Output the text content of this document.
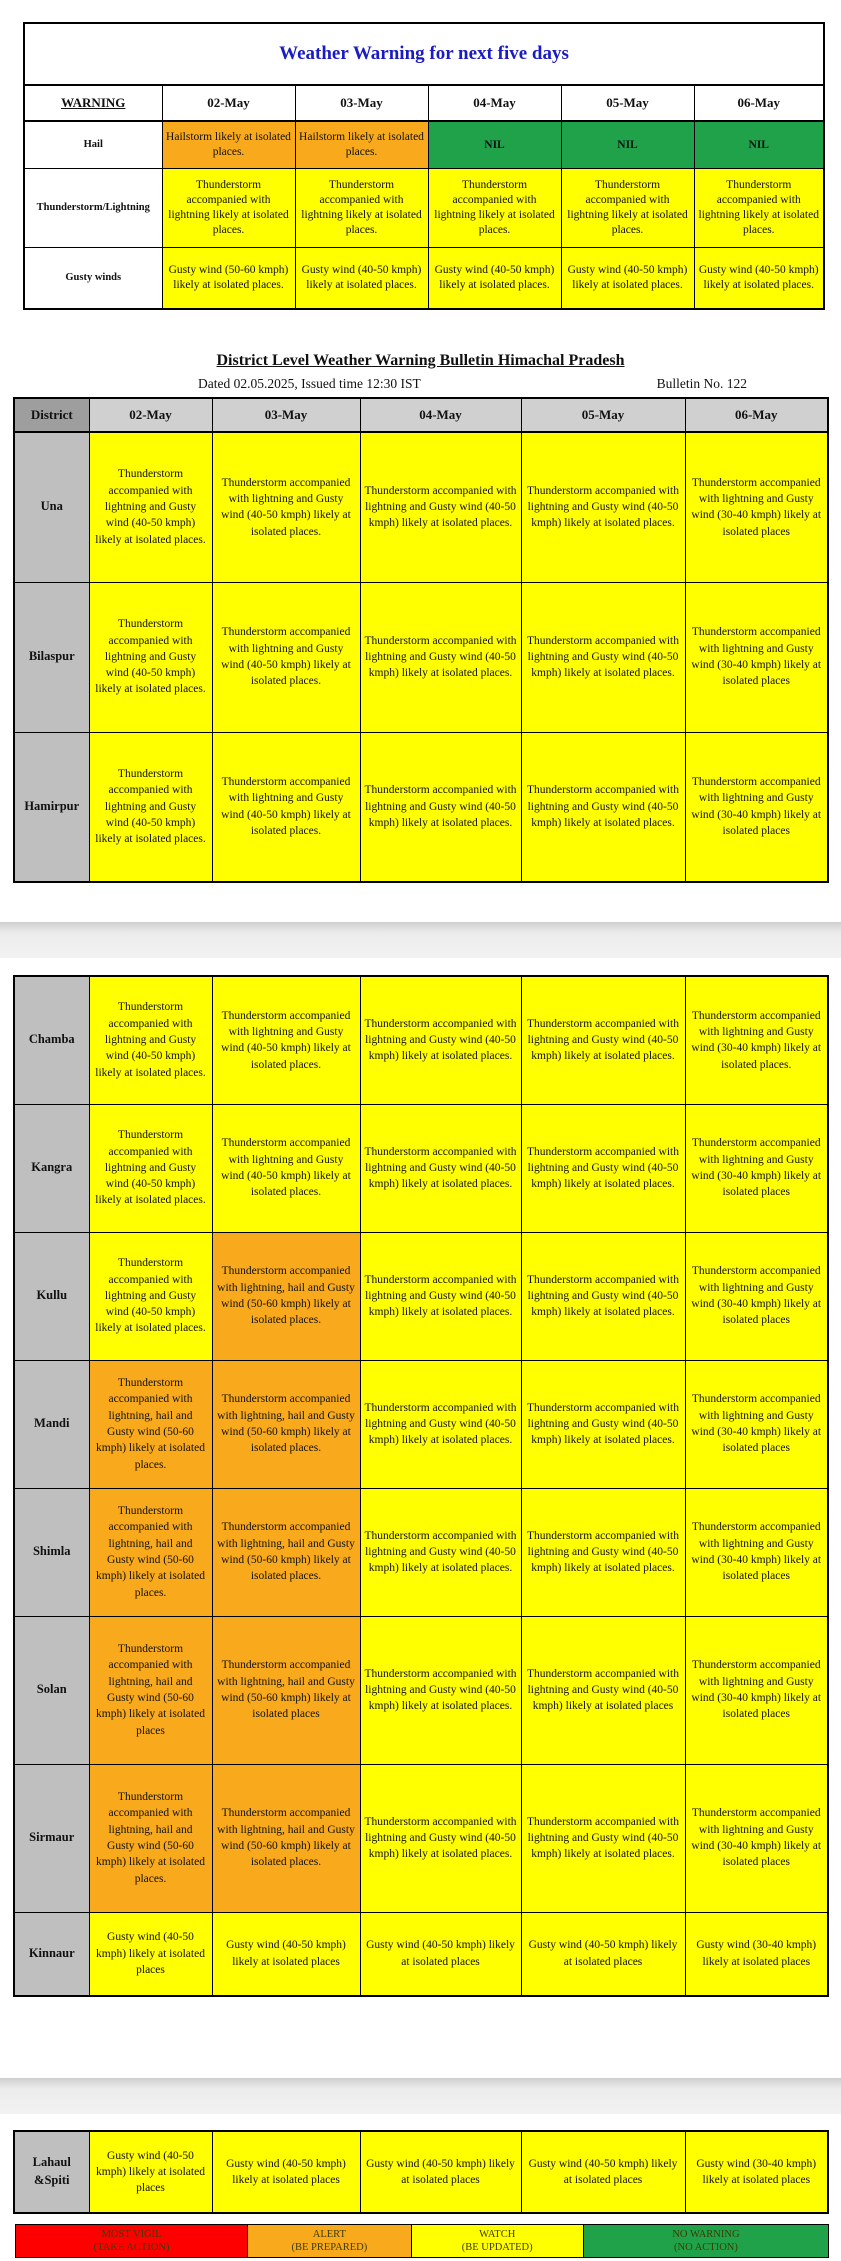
Weather Warning for next five days					
WARNING	02-May	03-May	04-May	05-May	06-May
Hail	Hailstorm likely at isolated places.	Hailstorm likely at isolated places.	NIL	NIL	NIL
Thunderstorm/Lightning	Thunderstorm accompanied with lightning likely at isolated places.	Thunderstorm accompanied with lightning likely at isolated places.	Thunderstorm accompanied with lightning likely at isolated places.	Thunderstorm accompanied with lightning likely at isolated places.	Thunderstorm accompanied with lightning likely at isolated places.
Gusty winds	Gusty wind (50-60 kmph) likely at isolated places.	Gusty wind (40-50 kmph) likely at isolated places.	Gusty wind (40-50 kmph) likely at isolated places.	Gusty wind (40-50 kmph) likely at isolated places.	Gusty wind (40-50 kmph) likely at isolated places.
District Level Weather Warning Bulletin Himachal Pradesh
Dated 02.05.2025, Issued time 12:30 IST	Bulletin No. 122
District	02-May	03-May	04-May	05-May	06-May
Una	Thunderstorm accompanied with lightning and Gusty wind (40-50 kmph) likely at isolated places.	Thunderstorm accompanied with lightning and Gusty wind (40-50 kmph) likely at isolated places.	Thunderstorm accompanied with lightning and Gusty wind (40-50 kmph) likely at isolated places.	Thunderstorm accompanied with lightning and Gusty wind (40-50 kmph) likely at isolated places.	Thunderstorm accompanied with lightning and Gusty wind (30-40 kmph) likely at isolated places
Bilaspur	Thunderstorm accompanied with lightning and Gusty wind (40-50 kmph) likely at isolated places.	Thunderstorm accompanied with lightning and Gusty wind (40-50 kmph) likely at isolated places.	Thunderstorm accompanied with lightning and Gusty wind (40-50 kmph) likely at isolated places.	Thunderstorm accompanied with lightning and Gusty wind (40-50 kmph) likely at isolated places.	Thunderstorm accompanied with lightning and Gusty wind (30-40 kmph) likely at isolated places
Hamirpur	Thunderstorm accompanied with lightning and Gusty wind (40-50 kmph) likely at isolated places.	Thunderstorm accompanied with lightning and Gusty wind (40-50 kmph) likely at isolated places.	Thunderstorm accompanied with lightning and Gusty wind (40-50 kmph) likely at isolated places.	Thunderstorm accompanied with lightning and Gusty wind (40-50 kmph) likely at isolated places.	Thunderstorm accompanied with lightning and Gusty wind (30-40 kmph) likely at isolated places
Chamba	Thunderstorm accompanied with lightning and Gusty wind (40-50 kmph) likely at isolated places.	Thunderstorm accompanied with lightning and Gusty wind (40-50 kmph) likely at isolated places.	Thunderstorm accompanied with lightning and Gusty wind (40-50 kmph) likely at isolated places.	Thunderstorm accompanied with lightning and Gusty wind (40-50 kmph) likely at isolated places.	Thunderstorm accompanied with lightning and Gusty wind (30-40 kmph) likely at isolated places.
Kangra	Thunderstorm accompanied with lightning and Gusty wind (40-50 kmph) likely at isolated places.	Thunderstorm accompanied with lightning and Gusty wind (40-50 kmph) likely at isolated places.	Thunderstorm accompanied with lightning and Gusty wind (40-50 kmph) likely at isolated places.	Thunderstorm accompanied with lightning and Gusty wind (40-50 kmph) likely at isolated places.	Thunderstorm accompanied with lightning and Gusty wind (30-40 kmph) likely at isolated places
Kullu	Thunderstorm accompanied with lightning and Gusty wind (40-50 kmph) likely at isolated places.	Thunderstorm accompanied with lightning, hail and Gusty wind (50-60 kmph) likely at isolated places.	Thunderstorm accompanied with lightning and Gusty wind (40-50 kmph) likely at isolated places.	Thunderstorm accompanied with lightning and Gusty wind (40-50 kmph) likely at isolated places.	Thunderstorm accompanied with lightning and Gusty wind (30-40 kmph) likely at isolated places
Mandi	Thunderstorm accompanied with lightning, hail and Gusty wind (50-60 kmph) likely at isolated places.	Thunderstorm accompanied with lightning, hail and Gusty wind (50-60 kmph) likely at isolated places.	Thunderstorm accompanied with lightning and Gusty wind (40-50 kmph) likely at isolated places.	Thunderstorm accompanied with lightning and Gusty wind (40-50 kmph) likely at isolated places.	Thunderstorm accompanied with lightning and Gusty wind (30-40 kmph) likely at isolated places
Shimla	Thunderstorm accompanied with lightning, hail and Gusty wind (50-60 kmph) likely at isolated places.	Thunderstorm accompanied with lightning, hail and Gusty wind (50-60 kmph) likely at isolated places.	Thunderstorm accompanied with lightning and Gusty wind (40-50 kmph) likely at isolated places.	Thunderstorm accompanied with lightning and Gusty wind (40-50 kmph) likely at isolated places.	Thunderstorm accompanied with lightning and Gusty wind (30-40 kmph) likely at isolated places
Solan	Thunderstorm accompanied with lightning, hail and Gusty wind (50-60 kmph) likely at isolated places	Thunderstorm accompanied with lightning, hail and Gusty wind (50-60 kmph) likely at isolated places	Thunderstorm accompanied with lightning and Gusty wind (40-50 kmph) likely at isolated places.	Thunderstorm accompanied with lightning and Gusty wind (40-50 kmph) likely at isolated places	Thunderstorm accompanied with lightning and Gusty wind (30-40 kmph) likely at isolated places
Sirmaur	Thunderstorm accompanied with lightning, hail and Gusty wind (50-60 kmph) likely at isolated places.	Thunderstorm accompanied with lightning, hail and Gusty wind (50-60 kmph) likely at isolated places.	Thunderstorm accompanied with lightning and Gusty wind (40-50 kmph) likely at isolated places.	Thunderstorm accompanied with lightning and Gusty wind (40-50 kmph) likely at isolated places.	Thunderstorm accompanied with lightning and Gusty wind (30-40 kmph) likely at isolated places
Kinnaur	Gusty wind (40-50 kmph) likely at isolated places	Gusty wind (40-50 kmph) likely at isolated places	Gusty wind (40-50 kmph) likely at isolated places	Gusty wind (40-50 kmph) likely at isolated places	Gusty wind (30-40 kmph) likely at isolated places
Lahaul &Spiti	Gusty wind (40-50 kmph) likely at isolated places	Gusty wind (40-50 kmph) likely at isolated places	Gusty wind (40-50 kmph) likely at isolated places	Gusty wind (40-50 kmph) likely at isolated places	Gusty wind (30-40 kmph) likely at isolated places
MOST VIGIL
(TAKE ACTION)
ALERT
(BE PREPARED)
WATCH
(BE UPDATED)
NO WARNING
(NO ACTION)
